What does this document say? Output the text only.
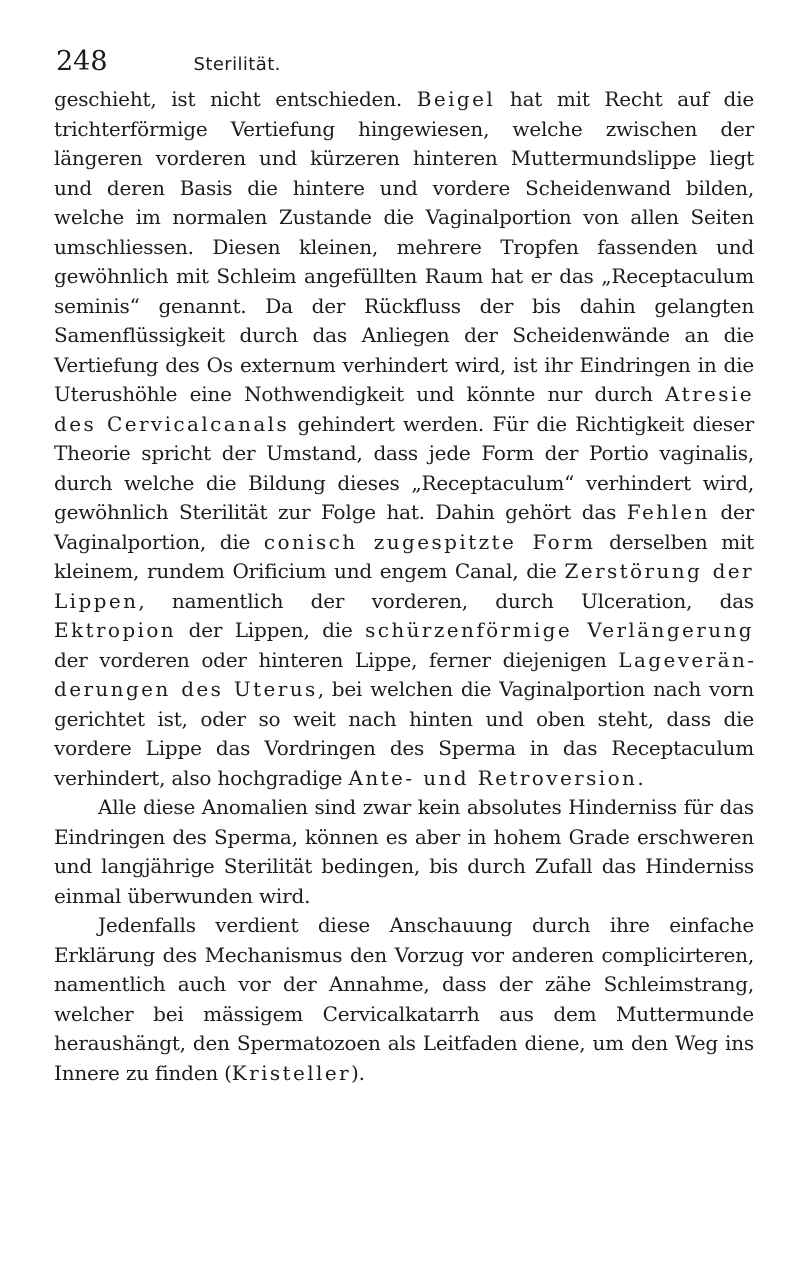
248	Sterilität.

geschieht, ist nicht entschieden. Beigel hat mit Recht auf die trichterförmige Vertiefung hingewiesen, welche zwischen der längeren vorderen und kürzeren hinteren Muttermundslippe liegt und deren Basis die hintere und vordere Scheidenwand bilden, welche im normalen Zustande die Vaginalportion von allen Seiten umschliessen. Diesen kleinen, mehrere Tropfen fassenden und gewöhnlich mit Schleim angefüllten Raum hat er das „Receptaculum seminis“ genannt. Da der Rückfluss der bis dahin gelangten Samenflüssigkeit durch das Anliegen der Scheidenwände an die Vertiefung des Os externum verhindert wird, ist ihr Eindringen in die Uterushöhle eine Nothwendigkeit und könnte nur durch Atresie des Cervicalcanals gehindert werden. Für die Richtigkeit dieser Theorie spricht der Umstand, dass jede Form der Portio vaginalis, durch welche die Bildung dieses „Receptaculum“ verhindert wird, gewöhnlich Sterilität zur Folge hat. Dahin gehört das Fehlen der Vaginalportion, die conisch zugespitzte Form derselben mit kleinem, rundem Orificium und engem Canal, die Zerstörung der Lippen, namentlich der vorderen, durch Ulceration, das Ektropion der Lippen, die schürzenförmige Verlängerung der vorderen oder hinteren Lippe, ferner diejenigen Lageveränderungen des Uterus, bei welchen die Vaginalportion nach vorn gerichtet ist, oder so weit nach hinten und oben steht, dass die vordere Lippe das Vordringen des Sperma in das Receptaculum verhindert, also hochgradige Ante- und Retroversion.

Alle diese Anomalien sind zwar kein absolutes Hinderniss für das Eindringen des Sperma, können es aber in hohem Grade erschweren und langjährige Sterilität bedingen, bis durch Zufall das Hinderniss einmal überwunden wird.

Jedenfalls verdient diese Anschauung durch ihre einfache Erklärung des Mechanismus den Vorzug vor anderen complicirteren, namentlich auch vor der Annahme, dass der zähe Schleimstrang, welcher bei mässigem Cervicalkatarrh aus dem Muttermunde heraushängt, den Spermatozoen als Leitfaden diene, um den Weg ins Innere zu finden (Kristeller).
